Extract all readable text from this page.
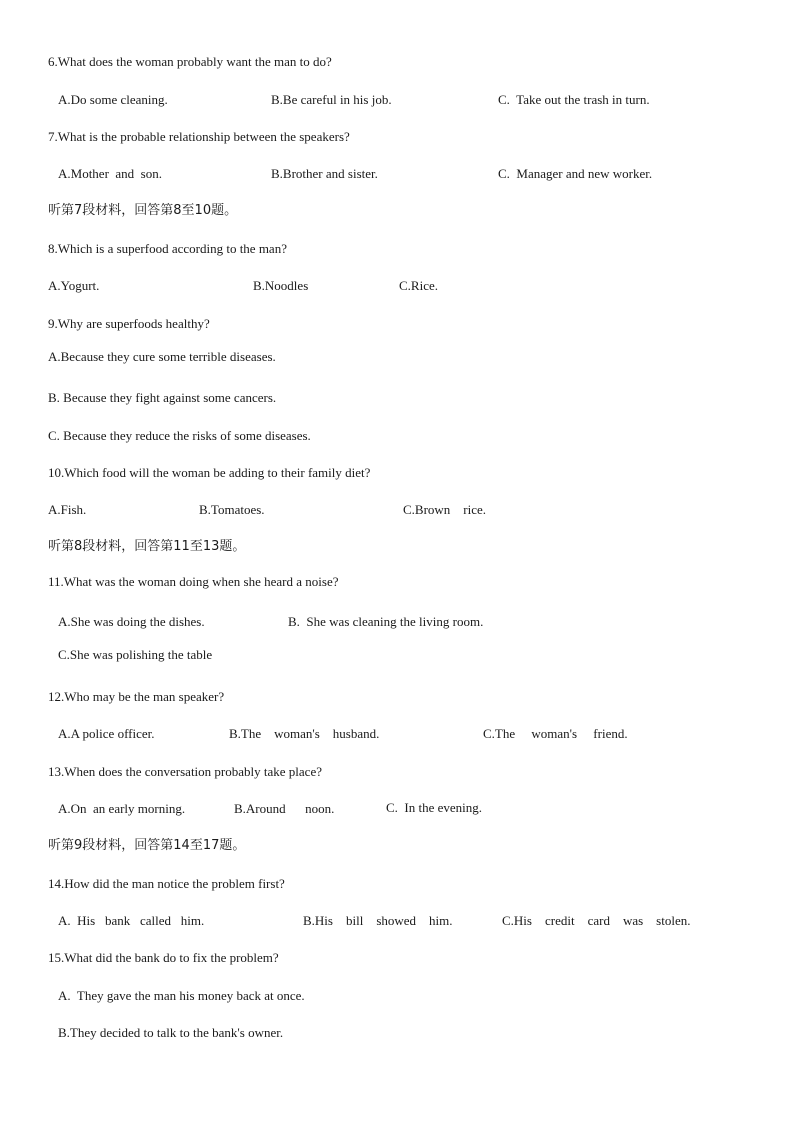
6.What does the woman probably want the man to do?
A.Do some cleaning.	B.Be careful in his job.	C.  Take out the trash in turn.
7.What is the probable relationship between the speakers?
A.Mother  and  son.	B.Brother and sister.	C.  Manager and new worker.
听第7段材料，回答第8至10题。
8.Which is a superfood according to the man?
A.Yogurt.	B.Noodles	C.Rice.
9.Why are superfoods healthy?
A.Because they cure some terrible diseases.
B. Because they fight against some cancers.
C. Because they reduce the risks of some diseases.
10.Which food will the woman be adding to their family diet?
A.Fish.	B.Tomatoes.	C.Brown    rice.
听第8段材料，回答第11至13题。
11.What was the woman doing when she heard a noise?
A.She was doing the dishes.	B.  She was cleaning the living room.
C.She was polishing the table
12.Who may be the man speaker?
A.A police officer.	B.The    woman's    husband.	C.The     woman's     friend.
13.When does the conversation probably take place?
A.On  an early morning.	B.Around      noon.	C.  In the evening.
听第9段材料，回答第14至17题。
14.How did the man notice the problem first?
A.  His   bank   called   him.	B.His    bill    showed    him.	C.His    credit    card    was    stolen.
15.What did the bank do to fix the problem?
A.  They gave the man his money back at once.
B.They decided to talk to the bank's owner.
